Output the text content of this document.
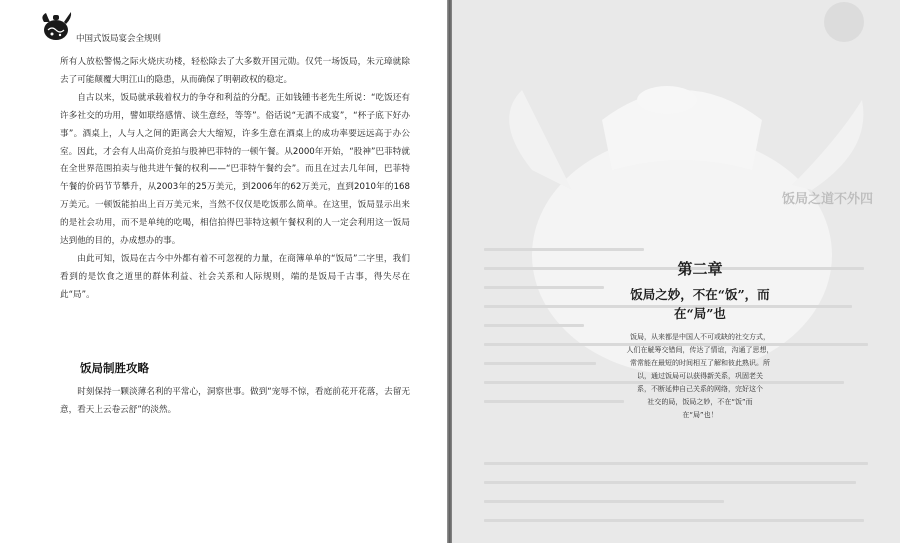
中国式饭局宴会全规则

所有人放松警惕之际火烧庆功楼，轻松除去了大多数开国元勋。仅凭一场饭局，朱元璋就除去了可能颠覆大明江山的隐患，从而确保了明朝政权的稳定。

自古以来，饭局就承载着权力的争夺和利益的分配。正如钱锺书老先生所说：“吃饭还有许多社交的功用，譬如联络感情、谈生意经，等等”。俗话说“无酒不成宴”，“杯子底下好办事”。酒桌上，人与人之间的距离会大大缩短，许多生意在酒桌上的成功率要远远高于办公室。因此，才会有人出高价竞拍与股神巴菲特的一顿午餐。从2000年开始，“股神”巴菲特就在全世界范围拍卖与他共进午餐的权利——“巴菲特午餐约会”。而且在过去几年间，巴菲特午餐的价码节节攀升，从2003年的25万美元，到2006年的62万美元，直到2010年的168万美元。一顿饭能拍出上百万美元来，当然不仅仅是吃饭那么简单。在这里，饭局显示出来的是社会功用，而不是单纯的吃喝，相信拍得巴菲特这顿午餐权利的人一定会利用这一饭局达到他的目的，办成想办的事。

由此可知，饭局在古今中外都有着不可忽视的力量，在商簿单单的“饭局”二字里，我们看到的是饮食之道里的群体利益、社会关系和人际规则，端的是饭局千古事，得失尽在此“局”。

饭局制胜攻略

时刻保持一颗淡薄名利的平常心，洞察世事。做到“宠辱不惊，看庭前花开花落，去留无意，看天上云卷云舒”的淡然。

饭局之道不外四
第二章
饭局之妙，不在“饭”，而
在“局”也

饭局，从来都是中国人不可或缺的社交方式，

人们在觥筹交错间，传达了情谊，沟通了思想，

常常能在最短的时间相互了解和彼此熟识。所

以，通过饭局可以获得新关系，巩固老关

系，不断延伸自己关系的网络，完好这个

社交的局，饭局之妙，不在“饭”而

在“局”也！
